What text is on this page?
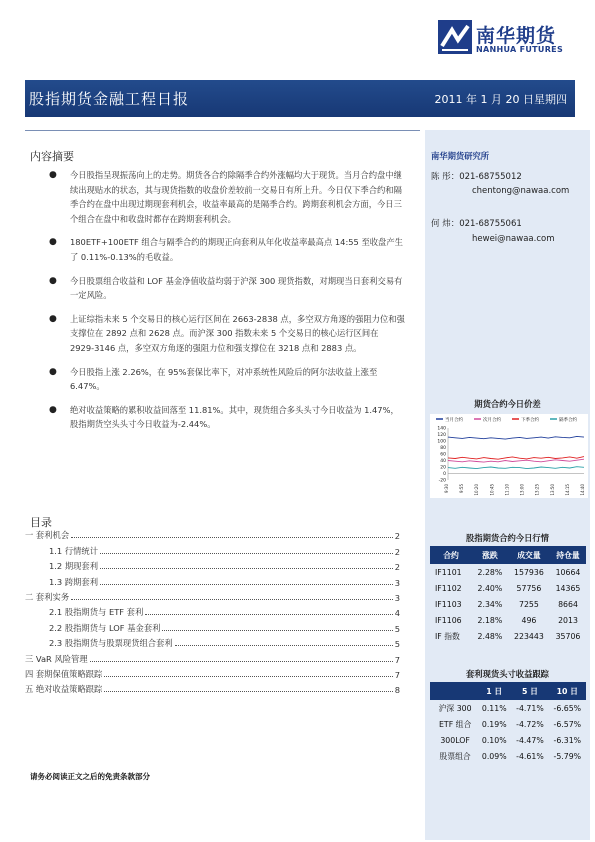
南华期货
NANHUA FUTURES
股指期货金融工程日报	2011 年 1 月 20 日星期四
内容摘要
● 今日股指呈现振荡向上的走势。期货各合约除隔季合约外涨幅均大于现货。当月合约盘中继续出现贴水的状态，其与现货指数的收盘价差较前一交易日有所上升。今日仅下季合约和隔季合约在盘中出现过期现套利机会，收益率最高的是隔季合约。跨期套利机会方面，今日三个组合在盘中和收盘时都存在跨期套利机会。
● 180ETF+100ETF 组合与隔季合约的期现正向套利从年化收益率最高点 14:55 至收盘产生了 0.11%-0.13%的毛收益。
● 今日股票组合收益和 LOF 基金净值收益均弱于沪深 300 现货指数，对期现当日套利交易有一定风险。
● 上证综指未来 5 个交易日的核心运行区间在 2663-2838 点，多空双方角逐的强阻力位和强支撑位在 2892 点和 2628 点。而沪深 300 指数未来 5 个交易日的核心运行区间在 2929-3146 点，多空双方角逐的强阻力位和强支撑位在 3218 点和 2883 点。
● 今日股指上涨 2.26%，在 95%套保比率下，对冲系统性风险后的阿尔法收益上涨至 6.47%。
● 绝对收益策略的累积收益回落至 11.81%。其中，现货组合多头头寸今日收益为 1.47%，股指期货空头头寸今日收益为-2.44%。
目录
一 套利机会	2
1.1 行情统计	2
1.2 期现套利	2
1.3 跨期套利	3
二 套利实务	3
2.1 股指期货与 ETF 套利	4
2.2 股指期货与 LOF 基金套利	5
2.3 股指期货与股票现货组合套利	5
三 VaR 风险管理	7
四 套期保值策略跟踪	7
五 绝对收益策略跟踪	8
请务必阅读正文之后的免责条款部分
南华期货研究所
陈 彤：021-68755012
chentong@nawaa.com
何 炜：021-68755061
hewei@nawaa.com
期货合约今日价差
当月合约	次月合约	下季合约	隔季合约
-20
0
20
40
60
80
100
120
140
9:30	9:55	10:20	10:45	11:10	13:00	13:25	13:50	14:15	14:40
股指期货合约今日行情
合约	涨跌	成交量	持仓量
IF1101	2.28%	157936	10664
IF1102	2.40%	57756	14365
IF1103	2.34%	7255	8664
IF1106	2.18%	496	2013
IF 指数	2.48%	223443	35706
套利现货头寸收益跟踪
	1 日	5 日	10 日
沪深 300	0.11%	-4.71%	-6.65%
ETF 组合	0.19%	-4.72%	-6.57%
300LOF	0.10%	-4.47%	-6.31%
股票组合	0.09%	-4.61%	-5.79%
